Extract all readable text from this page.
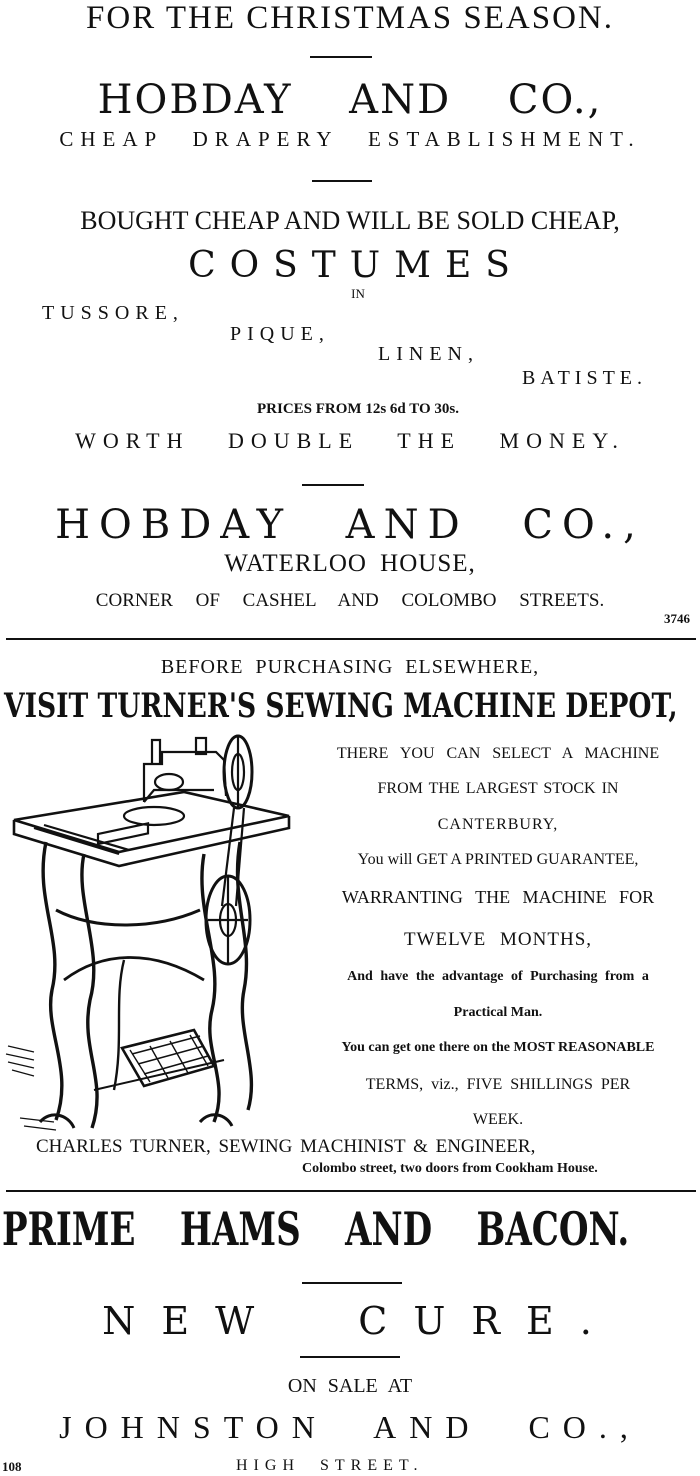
FOR THE CHRISTMAS SEASON.
HOBDAY AND CO.,
CHEAP DRAPERY ESTABLISHMENT.
BOUGHT CHEAP AND WILL BE SOLD CHEAP,
COSTUMES
IN
TUSSORE,
PIQUE,
LINEN,
BATISTE.
PRICES FROM 12s 6d TO 30s.
WORTH DOUBLE THE MONEY.
HOBDAY AND CO.,
WATERLOO HOUSE,
CORNER OF CASHEL AND COLOMBO STREETS.
3746
BEFORE PURCHASING ELSEWHERE,
VISIT TURNER'S SEWING MACHINE DEPOT,
THERE YOU CAN SELECT A MACHINE
FROM THE LARGEST STOCK IN
CANTERBURY,
You will GET A PRINTED GUARANTEE,
WARRANTING THE MACHINE FOR
TWELVE MONTHS,
And have the advantage of Purchasing from a
Practical Man.
You can get one there on the MOST REASONABLE
TERMS, viz., FIVE SHILLINGS PER
WEEK.
CHARLES TURNER, SEWING MACHINIST & ENGINEER,
Colombo street, two doors from Cookham House.
PRIME HAMS AND BACON.
NEW CURE.
ON SALE AT
JOHNSTON AND CO.,
HIGH STREET.
108
